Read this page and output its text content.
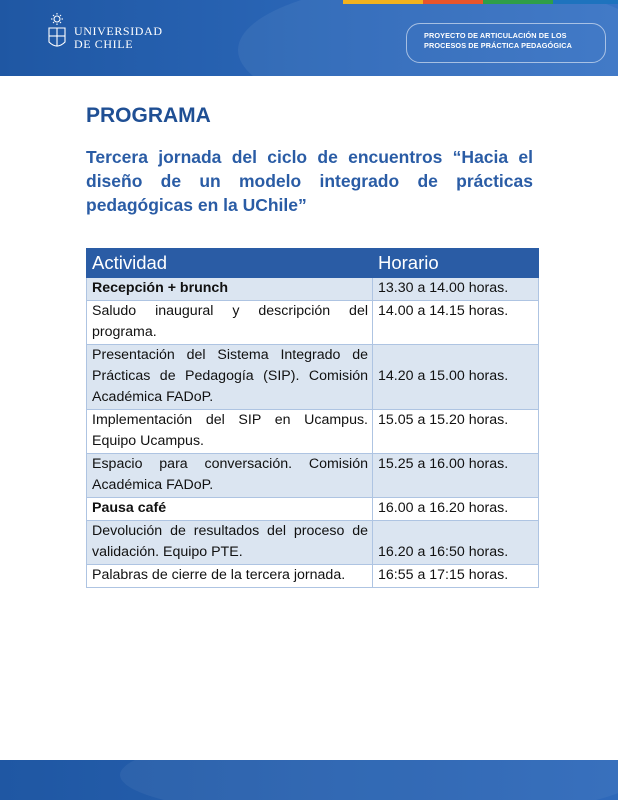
UNIVERSIDAD
DE CHILE
PROYECTO DE ARTICULACIÓN DE LOS
PROCESOS DE PRÁCTICA PEDAGÓGICA
PROGRAMA

Tercera jornada del ciclo de encuentros “Hacia el diseño de un modelo integrado de prácticas pedagógicas en la UChile”

Actividad	Horario
Recepción + brunch	13.30 a 14.00 horas.
Saludo inaugural y descripción del programa.	14.00 a 14.15 horas.
Presentación del Sistema Integrado de Prácticas de Pedagogía (SIP). Comisión Académica FADoP.	14.20 a 15.00 horas.
Implementación del SIP en Ucampus. Equipo Ucampus.	15.05 a 15.20 horas.
Espacio para conversación. Comisión Académica FADoP.	15.25 a 16.00 horas.
Pausa café	16.00 a 16.20 horas.
Devolución de resultados del proceso de validación. Equipo PTE.	16.20 a 16:50 horas.
Palabras de cierre de la tercera jornada.	16:55 a 17:15 horas.
